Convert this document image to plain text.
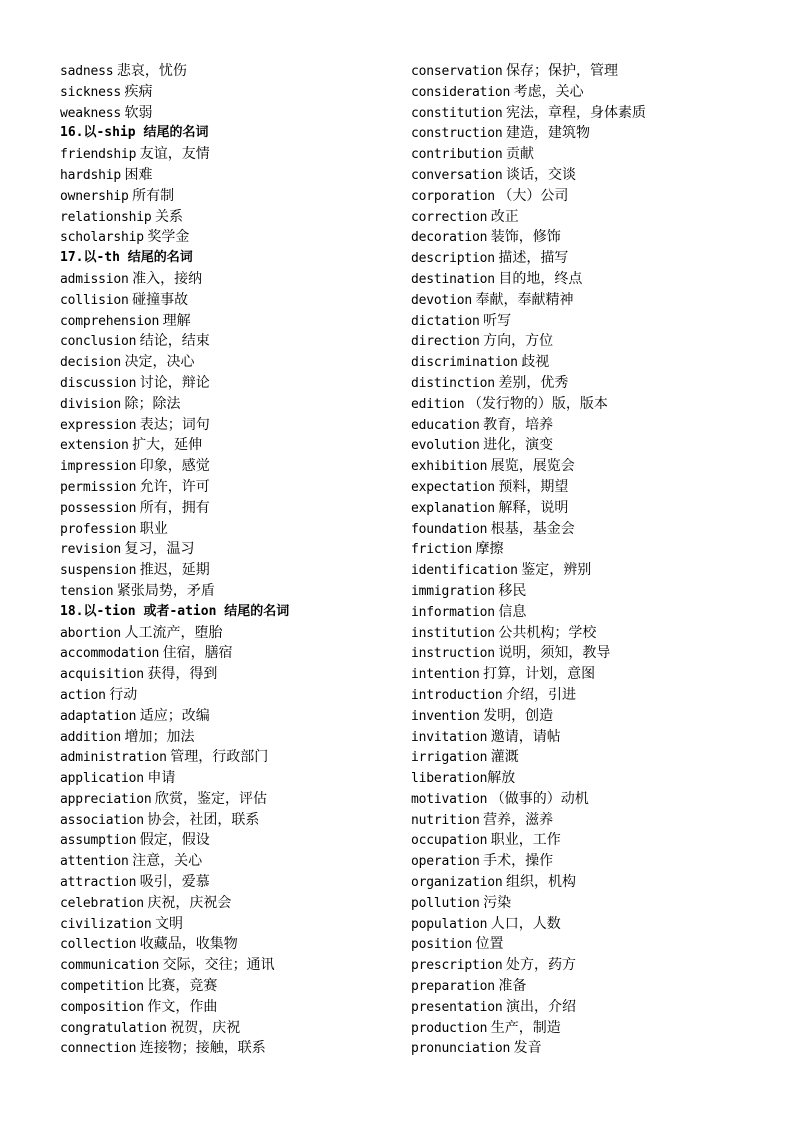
sadness 悲哀，忧伤
sickness 疾病
weakness 软弱
16.以-ship 结尾的名词
friendship 友谊，友情
hardship 困难
ownership 所有制
relationship 关系
scholarship 奖学金
17.以-th 结尾的名词
admission 准入，接纳
collision 碰撞事故
comprehension 理解
conclusion 结论，结束
decision 决定，决心
discussion 讨论，辩论
division 除；除法
expression 表达；词句
extension 扩大，延伸
impression 印象，感觉
permission 允许，许可
possession 所有，拥有
profession 职业
revision 复习，温习
suspension 推迟，延期
tension 紧张局势，矛盾
18.以-tion 或者-ation 结尾的名词
abortion 人工流产，堕胎
accommodation 住宿，膳宿
acquisition 获得，得到
action 行动
adaptation 适应；改编
addition 增加；加法
administration 管理，行政部门
application 申请
appreciation 欣赏，鉴定，评估
association 协会，社团，联系
assumption 假定，假设
attention 注意，关心
attraction 吸引，爱慕
celebration 庆祝，庆祝会
civilization 文明
collection 收藏品，收集物
communication 交际，交往；通讯
competition 比赛，竞赛
composition 作文，作曲
congratulation 祝贺，庆祝
connection 连接物；接触，联系
conservation 保存；保护，管理
consideration 考虑，关心
constitution 宪法，章程，身体素质
construction 建造，建筑物
contribution 贡献
conversation 谈话，交谈
corporation （大）公司
correction 改正
decoration 装饰，修饰
description 描述，描写
destination 目的地，终点
devotion 奉献，奉献精神
dictation 听写
direction 方向，方位
discrimination 歧视
distinction 差别，优秀
edition （发行物的）版，版本
education 教育，培养
evolution 进化，演变
exhibition 展览，展览会
expectation 预料，期望
explanation 解释，说明
foundation 根基，基金会
friction 摩擦
identification 鉴定，辨别
immigration 移民
information 信息
institution 公共机构；学校
instruction 说明，须知，教导
intention 打算，计划，意图
introduction 介绍，引进
invention 发明，创造
invitation 邀请，请帖
irrigation 灌溉
liberation解放
motivation （做事的）动机
nutrition 营养，滋养
occupation 职业，工作
operation 手术，操作
organization 组织，机构
pollution 污染
population 人口，人数
position 位置
prescription 处方，药方
preparation 准备
presentation 演出，介绍
production 生产，制造
pronunciation 发音
